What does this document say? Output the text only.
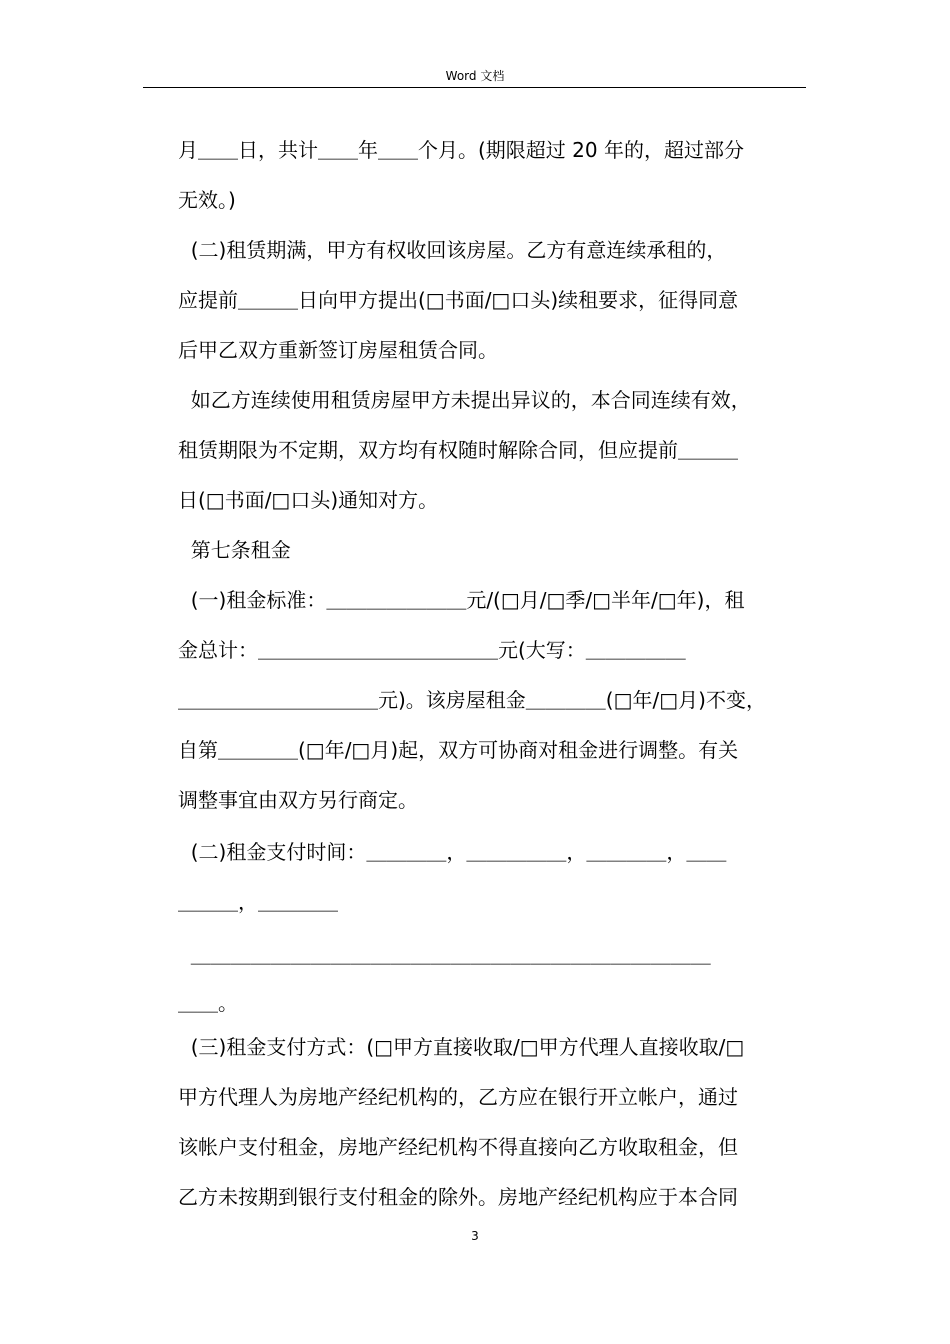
Word 文档
月＿＿日，共计＿＿年＿＿个月。(期限超过 20 年的，超过部分
无效。)
(二)租赁期满，甲方有权收回该房屋。乙方有意连续承租的，
应提前＿＿＿日向甲方提出(□书面/□口头)续租要求，征得同意
后甲乙双方重新签订房屋租赁合同。
如乙方连续使用租赁房屋甲方未提出异议的，本合同连续有效，
租赁期限为不定期，双方均有权随时解除合同，但应提前＿＿＿
日(□书面/□口头)通知对方。
第七条租金
(一)租金标准：＿＿＿＿＿＿＿元/(□月/□季/□半年/□年)，租
金总计：＿＿＿＿＿＿＿＿＿＿＿＿元(大写：＿＿＿＿＿
＿＿＿＿＿＿＿＿＿＿元)。该房屋租金＿＿＿＿(□年/□月)不变，
自第＿＿＿＿(□年/□月)起，双方可协商对租金进行调整。有关
调整事宜由双方另行商定。
(二)租金支付时间：＿＿＿＿，＿＿＿＿＿，＿＿＿＿，＿＿
＿＿＿，＿＿＿＿
＿＿＿＿＿＿＿＿＿＿＿＿＿＿＿＿＿＿＿＿＿＿＿＿＿＿
＿＿。
(三)租金支付方式：(□甲方直接收取/□甲方代理人直接收取/□
甲方代理人为房地产经纪机构的，乙方应在银行开立帐户，通过
该帐户支付租金，房地产经纪机构不得直接向乙方收取租金，但
乙方未按期到银行支付租金的除外。房地产经纪机构应于本合同
3
